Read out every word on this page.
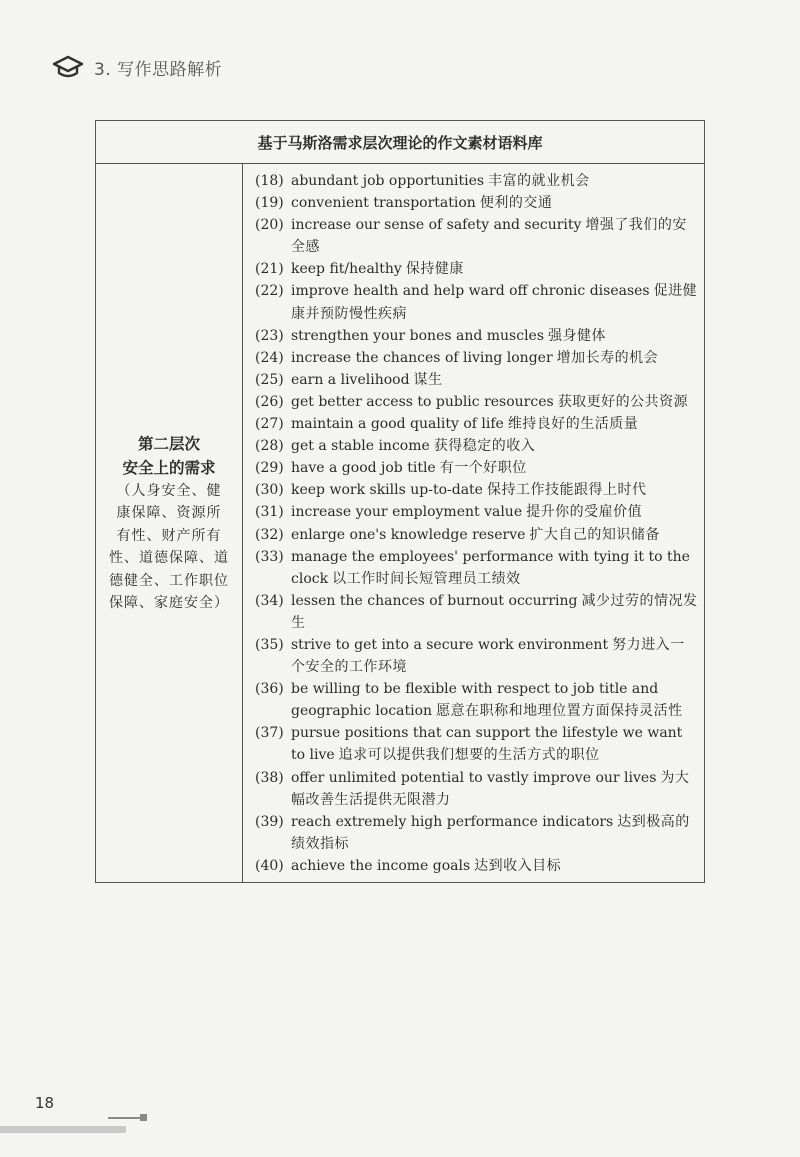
3. 写作思路解析
基于马斯洛需求层次理论的作文素材语料库

第二层次
安全上的需求
（人身安全、健
康保障、资源所
有性、财产所有
性、道德保障、道
德健全、工作职位
保障、家庭安全）

(18) abundant job opportunities 丰富的就业机会
(19) convenient transportation 便利的交通
(20) increase our sense of safety and security 增强了我们的安全感
(21) keep fit/healthy 保持健康
(22) improve health and help ward off chronic diseases 促进健康并预防慢性疾病
(23) strengthen your bones and muscles 强身健体
(24) increase the chances of living longer 增加长寿的机会
(25) earn a livelihood 谋生
(26) get better access to public resources 获取更好的公共资源
(27) maintain a good quality of life 维持良好的生活质量
(28) get a stable income 获得稳定的收入
(29) have a good job title 有一个好职位
(30) keep work skills up-to-date 保持工作技能跟得上时代
(31) increase your employment value 提升你的受雇价值
(32) enlarge one's knowledge reserve 扩大自己的知识储备
(33) manage the employees' performance with tying it to the clock 以工作时间长短管理员工绩效
(34) lessen the chances of burnout occurring 减少过劳的情况发生
(35) strive to get into a secure work environment 努力进入一个安全的工作环境
(36) be willing to be flexible with respect to job title and geographic location 愿意在职称和地理位置方面保持灵活性
(37) pursue positions that can support the lifestyle we want to live 追求可以提供我们想要的生活方式的职位
(38) offer unlimited potential to vastly improve our lives 为大幅改善生活提供无限潜力
(39) reach extremely high performance indicators 达到极高的绩效指标
(40) achieve the income goals 达到收入目标
18
